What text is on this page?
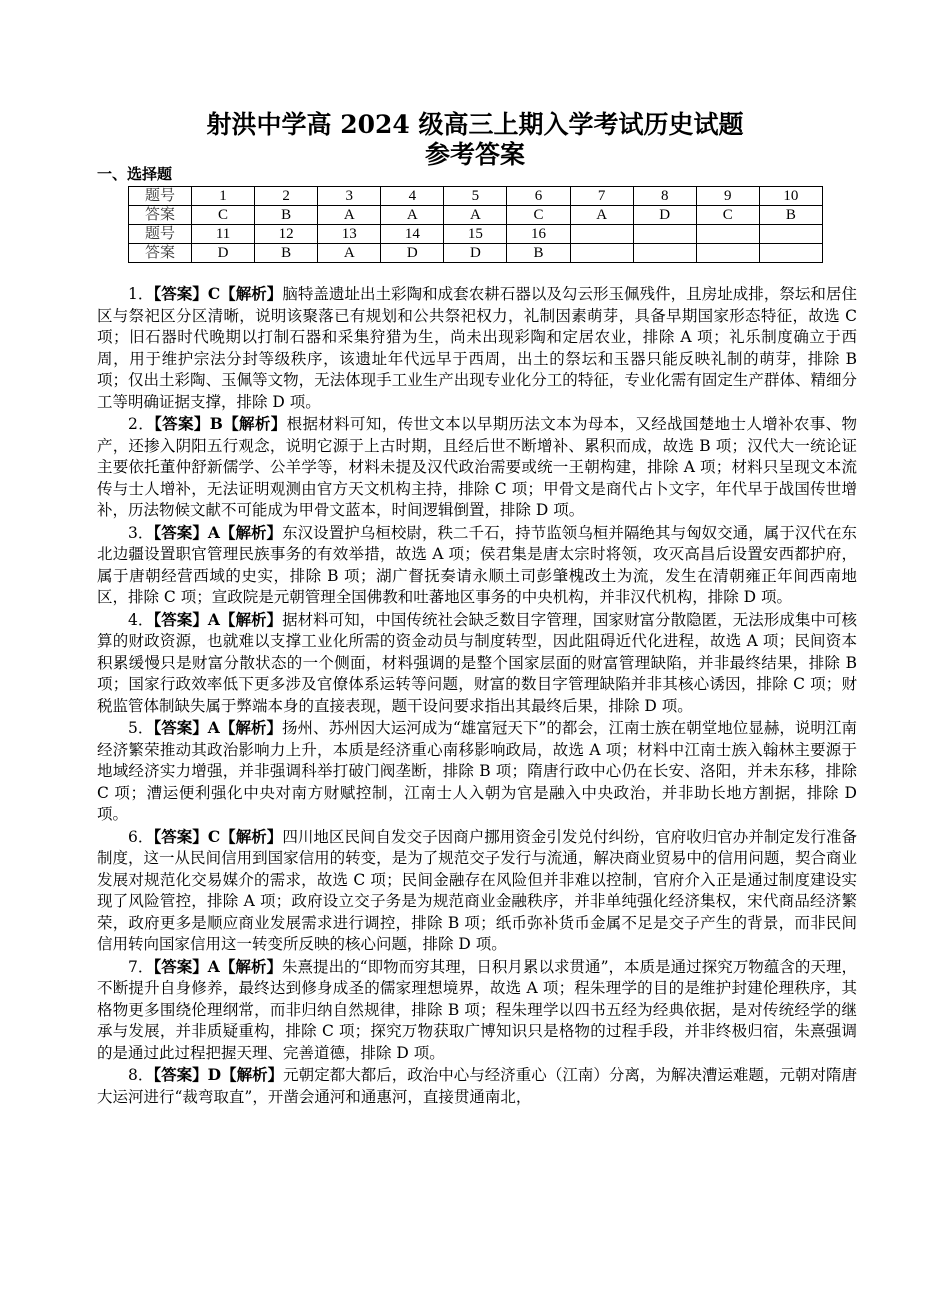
射洪中学高 2024 级高三上期入学考试历史试题
参考答案
一、选择题
题号	1	2	3	4	5	6	7	8	9	10
答案	C	B	A	A	A	C	A	D	C	B
题号	11	12	13	14	15	16				
答案	D	B	A	D	D	B				

1．【答案】C【解析】脑特盖遗址出土彩陶和成套农耕石器以及勾云形玉佩残件，且房址成排，祭坛和居住区与祭祀区分区清晰，说明该聚落已有规划和公共祭祀权力，礼制因素萌芽，具备早期国家形态特征，故选 C 项；旧石器时代晚期以打制石器和采集狩猎为生，尚未出现彩陶和定居农业，排除 A 项；礼乐制度确立于西周，用于维护宗法分封等级秩序，该遗址年代远早于西周，出土的祭坛和玉器只能反映礼制的萌芽，排除 B 项；仅出土彩陶、玉佩等文物，无法体现手工业生产出现专业化分工的特征，专业化需有固定生产群体、精细分工等明确证据支撑，排除 D 项。

2．【答案】B【解析】根据材料可知，传世文本以早期历法文本为母本，又经战国楚地士人增补农事、物产，还掺入阴阳五行观念，说明它源于上古时期，且经后世不断增补、累积而成，故选 B 项；汉代大一统论证主要依托董仲舒新儒学、公羊学等，材料未提及汉代政治需要或统一王朝构建，排除 A 项；材料只呈现文本流传与士人增补，无法证明观测由官方天文机构主持，排除 C 项；甲骨文是商代占卜文字，年代早于战国传世增补，历法物候文献不可能成为甲骨文蓝本，时间逻辑倒置，排除 D 项。

3．【答案】A【解析】东汉设置护乌桓校尉，秩二千石，持节监领乌桓并隔绝其与匈奴交通，属于汉代在东北边疆设置职官管理民族事务的有效举措，故选 A 项；侯君集是唐太宗时将领，攻灭高昌后设置安西都护府，属于唐朝经营西域的史实，排除 B 项；湖广督抚奏请永顺土司彭肇槐改土为流，发生在清朝雍正年间西南地区，排除 C 项；宣政院是元朝管理全国佛教和吐蕃地区事务的中央机构，并非汉代机构，排除 D 项。

4．【答案】A【解析】据材料可知，中国传统社会缺乏数目字管理，国家财富分散隐匿，无法形成集中可核算的财政资源，也就难以支撑工业化所需的资金动员与制度转型，因此阻碍近代化进程，故选 A 项；民间资本积累缓慢只是财富分散状态的一个侧面，材料强调的是整个国家层面的财富管理缺陷，并非最终结果，排除 B 项；国家行政效率低下更多涉及官僚体系运转等问题，财富的数目字管理缺陷并非其核心诱因，排除 C 项；财税监管体制缺失属于弊端本身的直接表现，题干设问要求指出其最终后果，排除 D 项。

5．【答案】A【解析】扬州、苏州因大运河成为“雄富冠天下”的都会，江南士族在朝堂地位显赫，说明江南经济繁荣推动其政治影响力上升，本质是经济重心南移影响政局，故选 A 项；材料中江南士族入翰林主要源于地域经济实力增强，并非强调科举打破门阀垄断，排除 B 项；隋唐行政中心仍在长安、洛阳，并未东移，排除 C 项；漕运便利强化中央对南方财赋控制，江南士人入朝为官是融入中央政治，并非助长地方割据，排除 D 项。

6．【答案】C【解析】四川地区民间自发交子因商户挪用资金引发兑付纠纷，官府收归官办并制定发行准备制度，这一从民间信用到国家信用的转变，是为了规范交子发行与流通，解决商业贸易中的信用问题，契合商业发展对规范化交易媒介的需求，故选 C 项；民间金融存在风险但并非难以控制，官府介入正是通过制度建设实现了风险管控，排除 A 项；政府设立交子务是为规范商业金融秩序，并非单纯强化经济集权，宋代商品经济繁荣，政府更多是顺应商业发展需求进行调控，排除 B 项；纸币弥补货币金属不足是交子产生的背景，而非民间信用转向国家信用这一转变所反映的核心问题，排除 D 项。

7．【答案】A【解析】朱熹提出的“即物而穷其理，日积月累以求贯通”，本质是通过探究万物蕴含的天理，不断提升自身修养，最终达到修身成圣的儒家理想境界，故选 A 项；程朱理学的目的是维护封建伦理秩序，其格物更多围绕伦理纲常，而非归纳自然规律，排除 B 项；程朱理学以四书五经为经典依据，是对传统经学的继承与发展，并非质疑重构，排除 C 项；探究万物获取广博知识只是格物的过程手段，并非终极归宿，朱熹强调的是通过此过程把握天理、完善道德，排除 D 项。

8．【答案】D【解析】元朝定都大都后，政治中心与经济重心（江南）分离，为解决漕运难题，元朝对隋唐大运河进行“裁弯取直”，开凿会通河和通惠河，直接贯通南北，
